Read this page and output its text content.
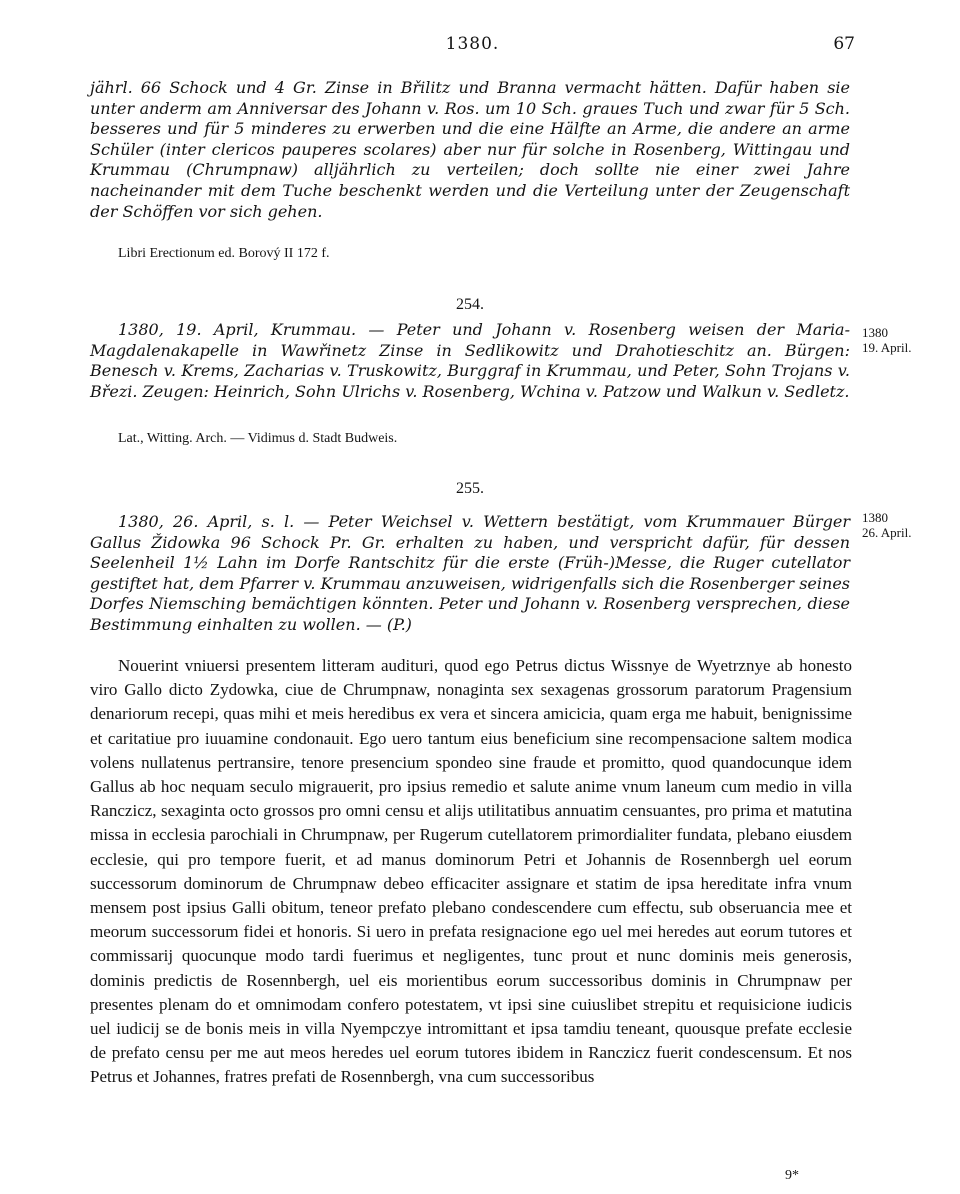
1380.	67

jährl. 66 Schock und 4 Gr. Zinse in Břilitz und Branna vermacht hätten. Dafür haben sie unter anderm am Anniversar des Johann v. Ros. um 10 Sch. graues Tuch und zwar für 5 Sch. besseres und für 5 minderes zu erwerben und die eine Hälfte an Arme, die andere an arme Schüler (inter clericos pauperes scolares) aber nur für solche in Rosenberg, Wittingau und Krummau (Chrumpnaw) alljährlich zu verteilen; doch sollte nie einer zwei Jahre nacheinander mit dem Tuche beschenkt werden und die Verteilung unter der Zeugenschaft der Schöffen vor sich gehen.

Libri Erectionum ed. Borový II 172 f.

254.
1380
19. April.

1380, 19. April, Krummau. — Peter und Johann v. Rosenberg weisen der Maria-Magdalenakapelle in Wawřinetz Zinse in Sedlikowitz und Drahotieschitz an. Bürgen: Benesch v. Krems, Zacharias v. Truskowitz, Burggraf in Krummau, und Peter, Sohn Trojans v. Březi. Zeugen: Heinrich, Sohn Ulrichs v. Rosenberg, Wchina v. Patzow und Walkun v. Sedletz.

Lat., Witting. Arch. — Vidimus d. Stadt Budweis.

255.
1380
26. April.

1380, 26. April, s. l. — Peter Weichsel v. Wettern bestätigt, vom Krummauer Bürger Gallus Židowka 96 Schock Pr. Gr. erhalten zu haben, und verspricht dafür, für dessen Seelenheil 1½ Lahn im Dorfe Rantschitz für die erste (Früh-)Messe, die Ruger cutellator gestiftet hat, dem Pfarrer v. Krummau anzuweisen, widrigenfalls sich die Rosenberger seines Dorfes Niemsching bemächtigen könnten. Peter und Johann v. Rosenberg versprechen, diese Bestimmung einhalten zu wollen. — (P.)

Nouerint vniuersi presentem litteram audituri, quod ego Petrus dictus Wissnye de Wyetrznye ab honesto viro Gallo dicto Zydowka, ciue de Chrumpnaw, nonaginta sex sexagenas grossorum paratorum Pragensium denariorum recepi, quas mihi et meis heredibus ex vera et sincera amicicia, quam erga me habuit, benignissime et caritatiue pro iuuamine condonauit. Ego uero tantum eius beneficium sine recompensacione saltem modica volens nullatenus pertransire, tenore presencium spondeo sine fraude et promitto, quod quandocunque idem Gallus ab hoc nequam seculo migrauerit, pro ipsius remedio et salute anime vnum laneum cum medio in villa Ranczicz, sexaginta octo grossos pro omni censu et alijs utilitatibus annuatim censuantes, pro prima et matutina missa in ecclesia parochiali in Chrumpnaw, per Rugerum cutellatorem primordialiter fundata, plebano eiusdem ecclesie, qui pro tempore fuerit, et ad manus dominorum Petri et Johannis de Rosennbergh uel eorum successorum dominorum de Chrumpnaw debeo efficaciter assignare et statim de ipsa hereditate infra vnum mensem post ipsius Galli obitum, teneor prefato plebano condescendere cum effectu, sub obseruancia mee et meorum successorum fidei et honoris. Si uero in prefata resignacione ego uel mei heredes aut eorum tutores et commissarij quocunque modo tardi fuerimus et negligentes, tunc prout et nunc dominis meis generosis, dominis predictis de Rosennbergh, uel eis morientibus eorum successoribus dominis in Chrumpnaw per presentes plenam do et omnimodam confero potestatem, vt ipsi sine cuiuslibet strepitu et requisicione iudicis uel iudicij se de bonis meis in villa Nyempczye intromittant et ipsa tamdiu teneant, quousque prefate ecclesie de prefato censu per me aut meos heredes uel eorum tutores ibidem in Ranczicz fuerit condescensum. Et nos Petrus et Johannes, fratres prefati de Rosennbergh, vna cum successoribus

9*
